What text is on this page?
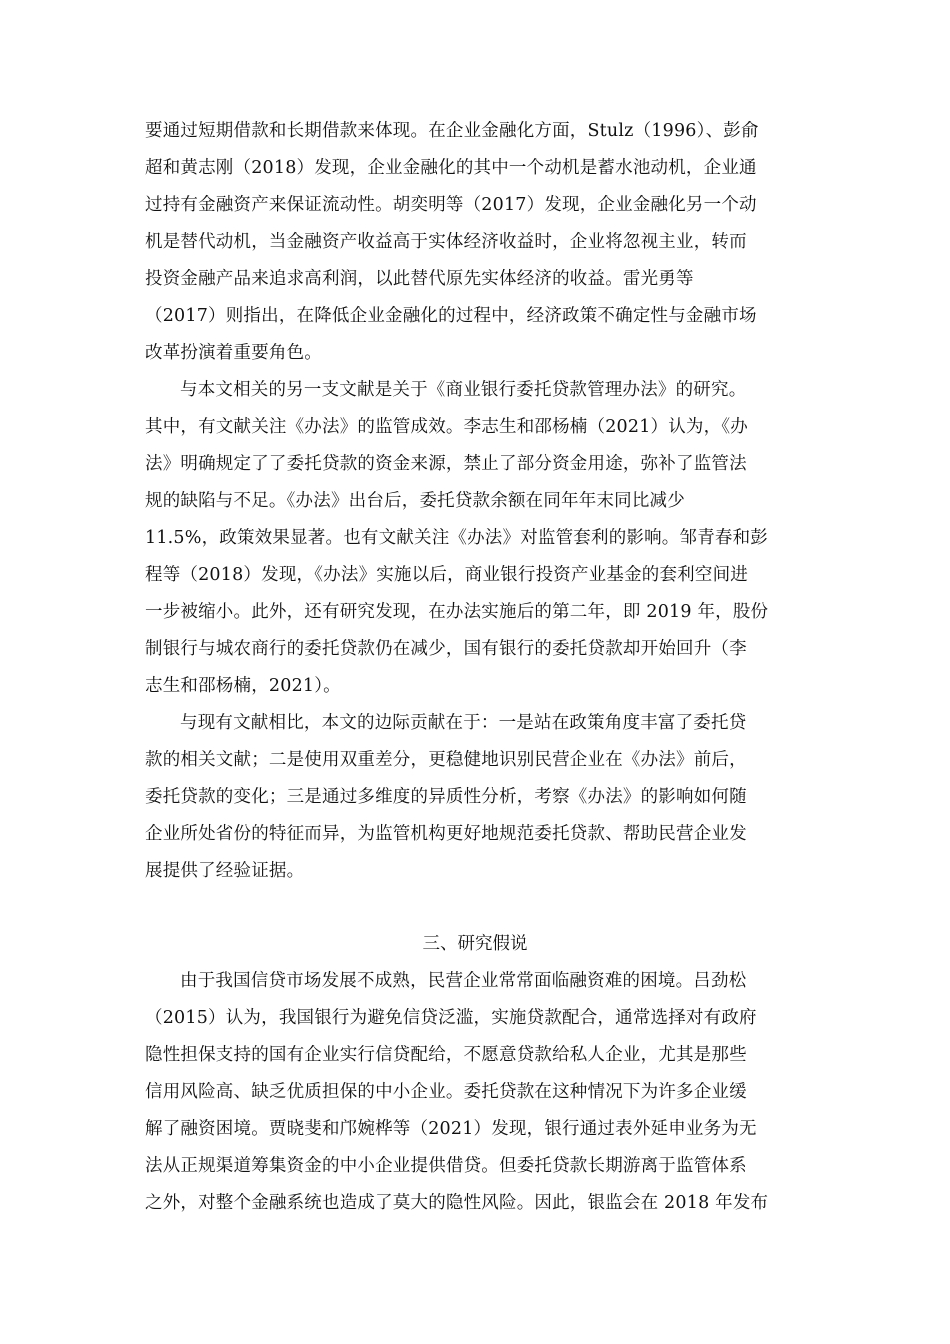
要通过短期借款和长期借款来体现。在企业金融化方面，Stulz（1996）、彭俞
超和黄志刚（2018）发现，企业金融化的其中一个动机是蓄水池动机，企业通
过持有金融资产来保证流动性。胡奕明等（2017）发现，企业金融化另一个动
机是替代动机，当金融资产收益高于实体经济收益时，企业将忽视主业，转而
投资金融产品来追求高利润，以此替代原先实体经济的收益。雷光勇等
（2017）则指出，在降低企业金融化的过程中，经济政策不确定性与金融市场
改革扮演着重要角色。
与本文相关的另一支文献是关于《商业银行委托贷款管理办法》的研究。
其中，有文献关注《办法》的监管成效。李志生和邵杨楠（2021）认为，《办
法》明确规定了了委托贷款的资金来源，禁止了部分资金用途，弥补了监管法
规的缺陷与不足。《办法》出台后，委托贷款余额在同年年末同比减少
11.5%，政策效果显著。也有文献关注《办法》对监管套利的影响。邹青春和彭
程等（2018）发现，《办法》实施以后，商业银行投资产业基金的套利空间进
一步被缩小。此外，还有研究发现，在办法实施后的第二年，即 2019 年，股份
制银行与城农商行的委托贷款仍在减少，国有银行的委托贷款却开始回升（李
志生和邵杨楠，2021）。
与现有文献相比，本文的边际贡献在于：一是站在政策角度丰富了委托贷
款的相关文献；二是使用双重差分，更稳健地识别民营企业在《办法》前后，
委托贷款的变化；三是通过多维度的异质性分析，考察《办法》的影响如何随
企业所处省份的特征而异，为监管机构更好地规范委托贷款、帮助民营企业发
展提供了经验证据。
三、研究假说
由于我国信贷市场发展不成熟，民营企业常常面临融资难的困境。吕劲松
（2015）认为，我国银行为避免信贷泛滥，实施贷款配合，通常选择对有政府
隐性担保支持的国有企业实行信贷配给，不愿意贷款给私人企业，尤其是那些
信用风险高、缺乏优质担保的中小企业。委托贷款在这种情况下为许多企业缓
解了融资困境。贾晓斐和邝婉桦等（2021）发现，银行通过表外延申业务为无
法从正规渠道筹集资金的中小企业提供借贷。但委托贷款长期游离于监管体系
之外，对整个金融系统也造成了莫大的隐性风险。因此，银监会在 2018 年发布
